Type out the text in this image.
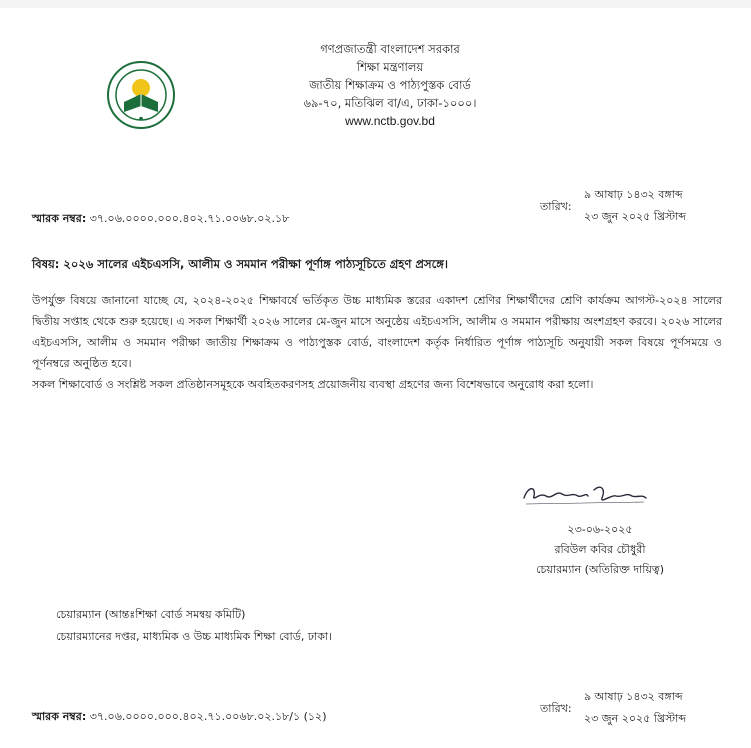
●
গণপ্রজাতন্ত্রী বাংলাদেশ সরকার
শিক্ষা মন্ত্রণালয়
জাতীয় শিক্ষাক্রম ও পাঠ্যপুস্তক বোর্ড
৬৯-৭০, মতিঝিল বা/এ, ঢাকা-১০০০।
www.nctb.gov.bd
স্মারক নম্বর: ৩৭.০৬.০০০০.০০০.৪০২.৭১.০০৬৮.০২.১৮
তারিখ:
৯ আষাঢ় ১৪৩২ বঙ্গাব্দ
২৩ জুন ২০২৫ খ্রিস্টাব্দ
বিষয়: ২০২৬ সালের এইচএসসি, আলীম ও সমমান পরীক্ষা পূর্ণাঙ্গ পাঠ্যসূচিতে গ্রহণ প্রসঙ্গে।

উপর্যুক্ত বিষয়ে জানানো যাচ্ছে যে, ২০২৪-২০২৫ শিক্ষাবর্ষে ভর্তিকৃত উচ্চ মাধ্যমিক স্তরের একাদশ শ্রেণির শিক্ষার্থীদের শ্রেণি কার্যক্রম আগস্ট-২০২৪ সালের দ্বিতীয় সপ্তাহ থেকে শুরু হয়েছে। এ সকল শিক্ষার্থী ২০২৬ সালের মে-জুন মাসে অনুষ্ঠেয় এইচএসসি, আলীম ও সমমান পরীক্ষায় অংশগ্রহণ করবে। ২০২৬ সালের এইচএসসি, আলীম ও সমমান পরীক্ষা জাতীয় শিক্ষাক্রম ও পাঠ্যপুস্তক বোর্ড, বাংলাদেশ কর্তৃক নির্ধারিত পূর্ণাঙ্গ পাঠ্যসূচি অনুযায়ী সকল বিষয়ে পূর্ণসময়ে ও পূর্ণনম্বরে অনুষ্ঠিত হবে।

সকল শিক্ষাবোর্ড ও সংশ্লিষ্ট সকল প্রতিষ্ঠানসমূহকে অবহিতকরণসহ প্রয়োজনীয় ব্যবস্থা গ্রহণের জন্য বিশেষভাবে অনুরোধ করা হলো।

২৩-০৬-২০২৫
রবিউল কবির চৌধুরী
চেয়ারম্যান (অতিরিক্ত দায়িত্ব)
চেয়ারম্যান (আন্তঃশিক্ষা বোর্ড সমন্বয় কমিটি)
চেয়ারম্যানের দপ্তর, মাধ্যমিক ও উচ্চ মাধ্যমিক শিক্ষা বোর্ড, ঢাকা।
স্মারক নম্বর: ৩৭.০৬.০০০০.০০০.৪০২.৭১.০০৬৮.০২.১৮/১ (১২)
তারিখ:
৯ আষাঢ় ১৪৩২ বঙ্গাব্দ
২৩ জুন ২০২৫ খ্রিস্টাব্দ
